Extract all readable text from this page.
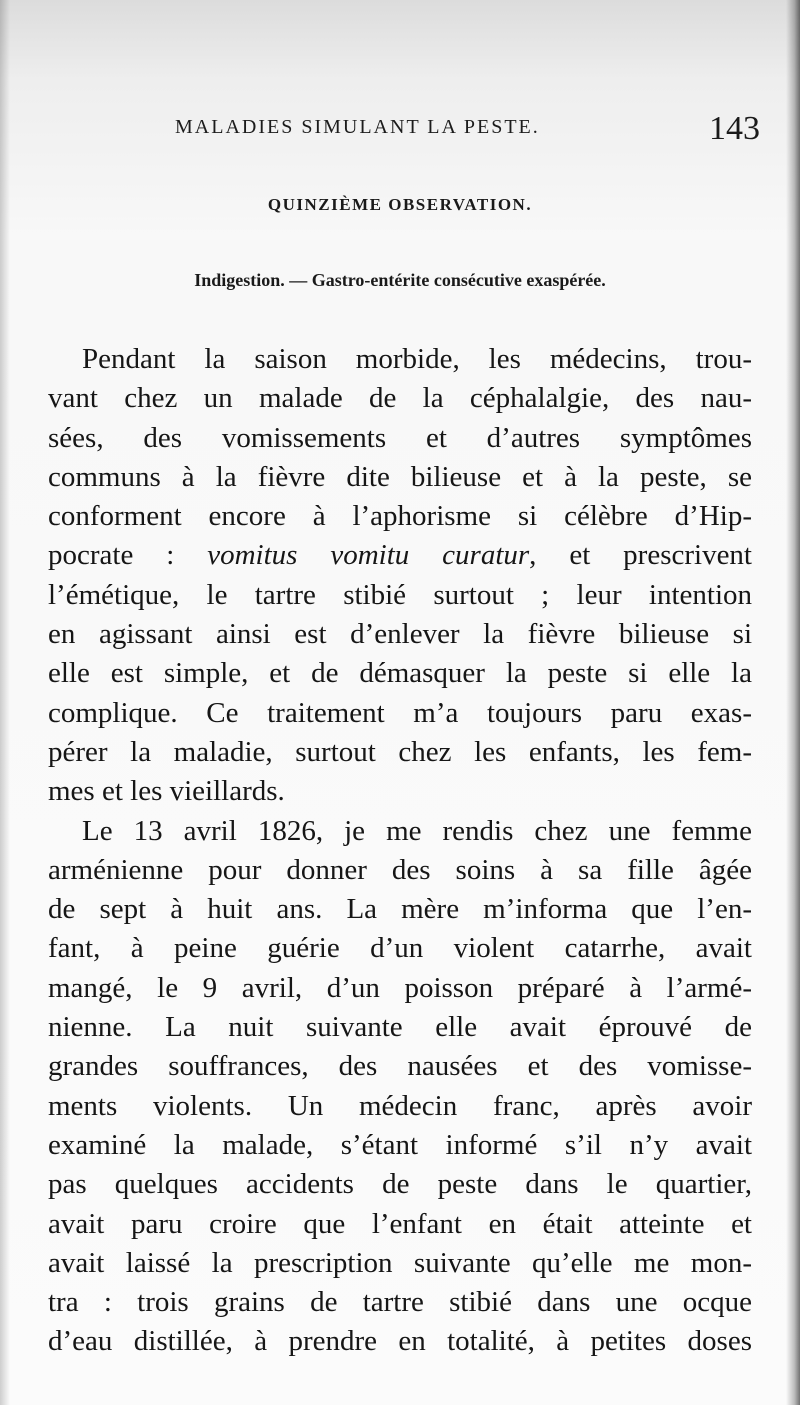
MALADIES SIMULANT LA PESTE.	143
QUINZIÈME OBSERVATION.
Indigestion. — Gastro-entérite consécutive exaspérée.
Pendant la saison morbide, les médecins, trou-
vant chez un malade de la céphalalgie, des nau-
sées, des vomissements et d’autres symptômes
communs à la fièvre dite bilieuse et à la peste, se
conforment encore à l’aphorisme si célèbre d’Hip-
pocrate : vomitus vomitu curatur, et prescrivent
l’émétique, le tartre stibié surtout ; leur intention
en agissant ainsi est d’enlever la fièvre bilieuse si
elle est simple, et de démasquer la peste si elle la
complique. Ce traitement m’a toujours paru exas-
pérer la maladie, surtout chez les enfants, les fem-
mes et les vieillards.
Le 13 avril 1826, je me rendis chez une femme
arménienne pour donner des soins à sa fille âgée
de sept à huit ans. La mère m’informa que l’en-
fant, à peine guérie d’un violent catarrhe, avait
mangé, le 9 avril, d’un poisson préparé à l’armé-
nienne. La nuit suivante elle avait éprouvé de
grandes souffrances, des nausées et des vomisse-
ments violents. Un médecin franc, après avoir
examiné la malade, s’étant informé s’il n’y avait
pas quelques accidents de peste dans le quartier,
avait paru croire que l’enfant en était atteinte et
avait laissé la prescription suivante qu’elle me mon-
tra : trois grains de tartre stibié dans une ocque
d’eau distillée, à prendre en totalité, à petites doses
